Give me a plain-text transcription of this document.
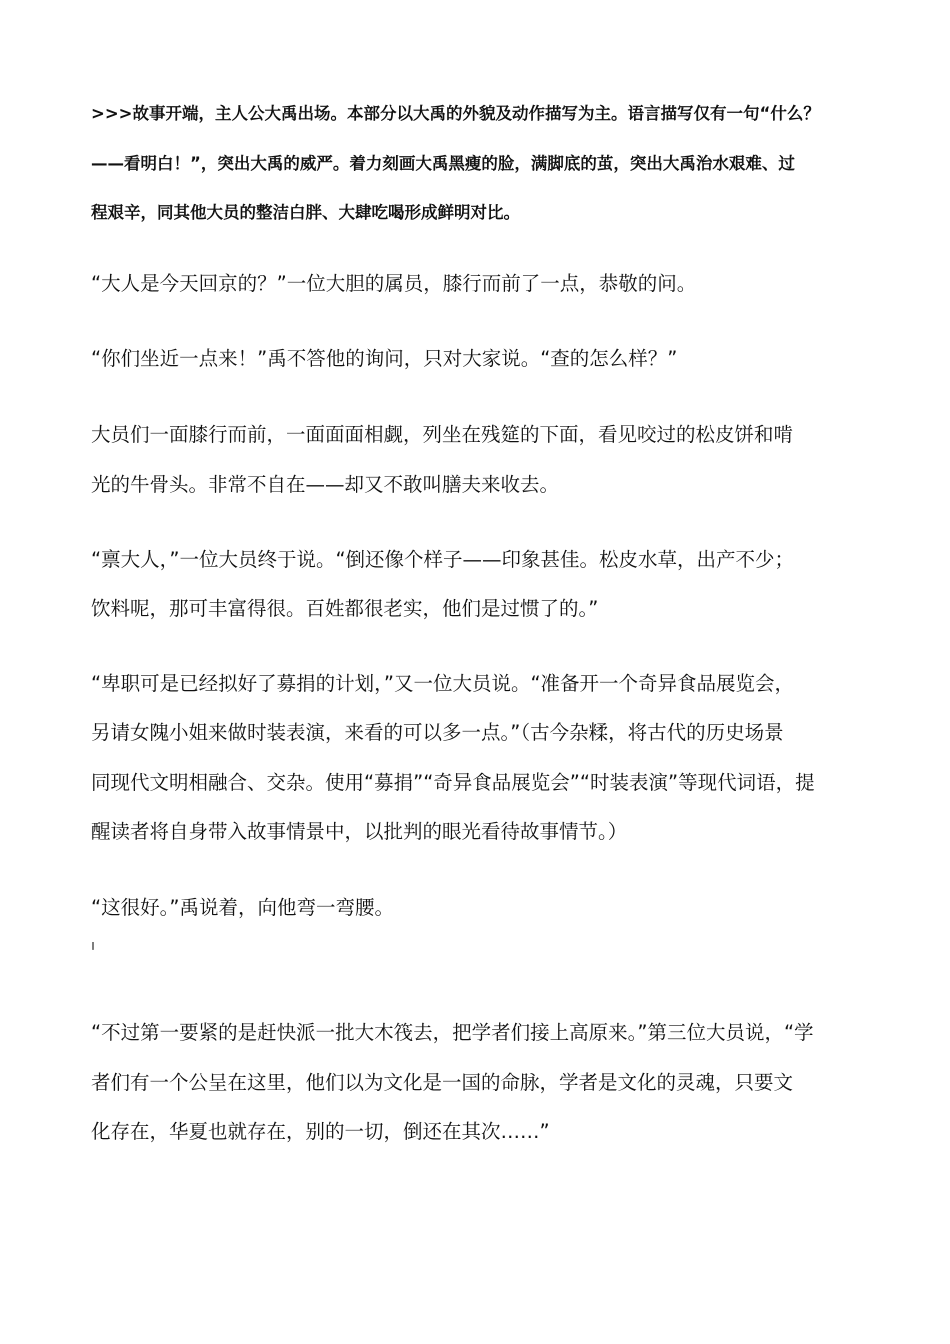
>>>故事开端，主人公大禹出场。本部分以大禹的外貌及动作描写为主。语言描写仅有一句“什么？
——看明白！”，突出大禹的威严。着力刻画大禹黑瘦的脸，满脚底的茧，突出大禹治水艰难、过
程艰辛，同其他大员的整洁白胖、大肆吃喝形成鲜明对比。
“大人是今天回京的？”一位大胆的属员，膝行而前了一点，恭敬的问。
“你们坐近一点来！”禹不答他的询问，只对大家说。“查的怎么样？”
大员们一面膝行而前，一面面面相觑，列坐在残筵的下面，看见咬过的松皮饼和啃
光的牛骨头。非常不自在——却又不敢叫膳夫来收去。
“禀大人，”一位大员终于说。“倒还像个样子——印象甚佳。松皮水草，出产不少；
饮料呢，那可丰富得很。百姓都很老实，他们是过惯了的。”
“卑职可是已经拟好了募捐的计划，”又一位大员说。“准备开一个奇异食品展览会，
另请女隗小姐来做时装表演，来看的可以多一点。”（古今杂糅，将古代的历史场景
同现代文明相融合、交杂。使用“募捐”“奇异食品展览会”“时装表演”等现代词语，提
醒读者将自身带入故事情景中，以批判的眼光看待故事情节。）
“这很好。”禹说着，向他弯一弯腰。
∥
“不过第一要紧的是赶快派一批大木筏去，把学者们接上高原来。”第三位大员说，“学
者们有一个公呈在这里，他们以为文化是一国的命脉，学者是文化的灵魂，只要文
化存在，华夏也就存在，别的一切，倒还在其次……”
